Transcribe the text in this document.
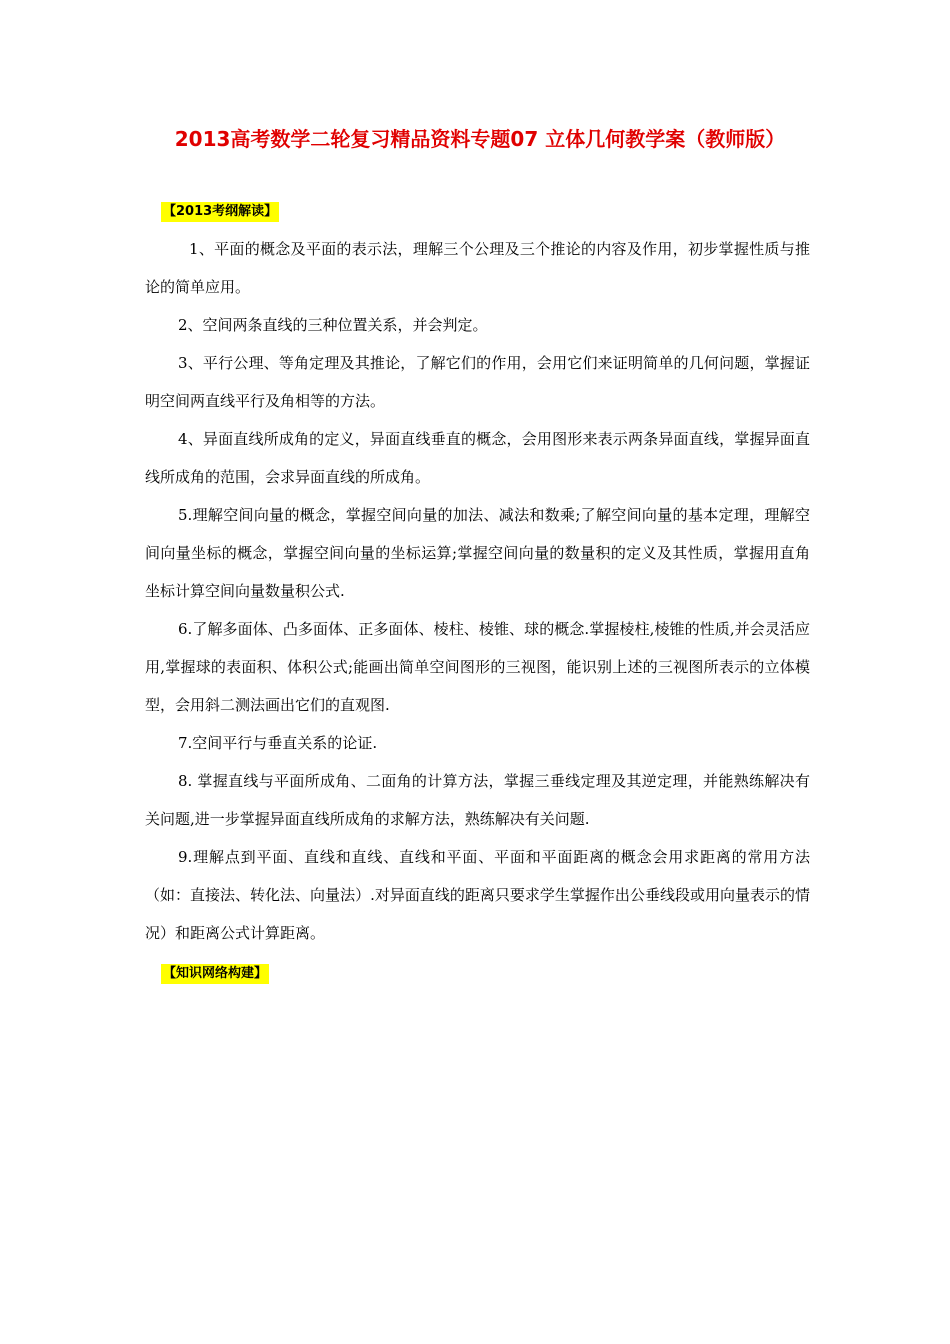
2013高考数学二轮复习精品资料专题07 立体几何教学案（教师版）
【2013考纲解读】

1、平面的概念及平面的表示法，理解三个公理及三个推论的内容及作用，初步掌握性质与推论的简单应用。

2、空间两条直线的三种位置关系，并会判定。

3、平行公理、等角定理及其推论，了解它们的作用，会用它们来证明简单的几何问题，掌握证明空间两直线平行及角相等的方法。

4、异面直线所成角的定义，异面直线垂直的概念，会用图形来表示两条异面直线，掌握异面直线所成角的范围，会求异面直线的所成角。

5.理解空间向量的概念，掌握空间向量的加法、减法和数乘;了解空间向量的基本定理，理解空间向量坐标的概念，掌握空间向量的坐标运算;掌握空间向量的数量积的定义及其性质，掌握用直角坐标计算空间向量数量积公式.

6.了解多面体、凸多面体、正多面体、棱柱、棱锥、球的概念.掌握棱柱,棱锥的性质,并会灵活应用,掌握球的表面积、体积公式;能画出简单空间图形的三视图，能识别上述的三视图所表示的立体模型，会用斜二测法画出它们的直观图.

7.空间平行与垂直关系的论证.

8. 掌握直线与平面所成角、二面角的计算方法，掌握三垂线定理及其逆定理，并能熟练解决有关问题,进一步掌握异面直线所成角的求解方法，熟练解决有关问题.

9.理解点到平面、直线和直线、直线和平面、平面和平面距离的概念会用求距离的常用方法（如：直接法、转化法、向量法）.对异面直线的距离只要求学生掌握作出公垂线段或用向量表示的情况）和距离公式计算距离。

【知识网络构建】
